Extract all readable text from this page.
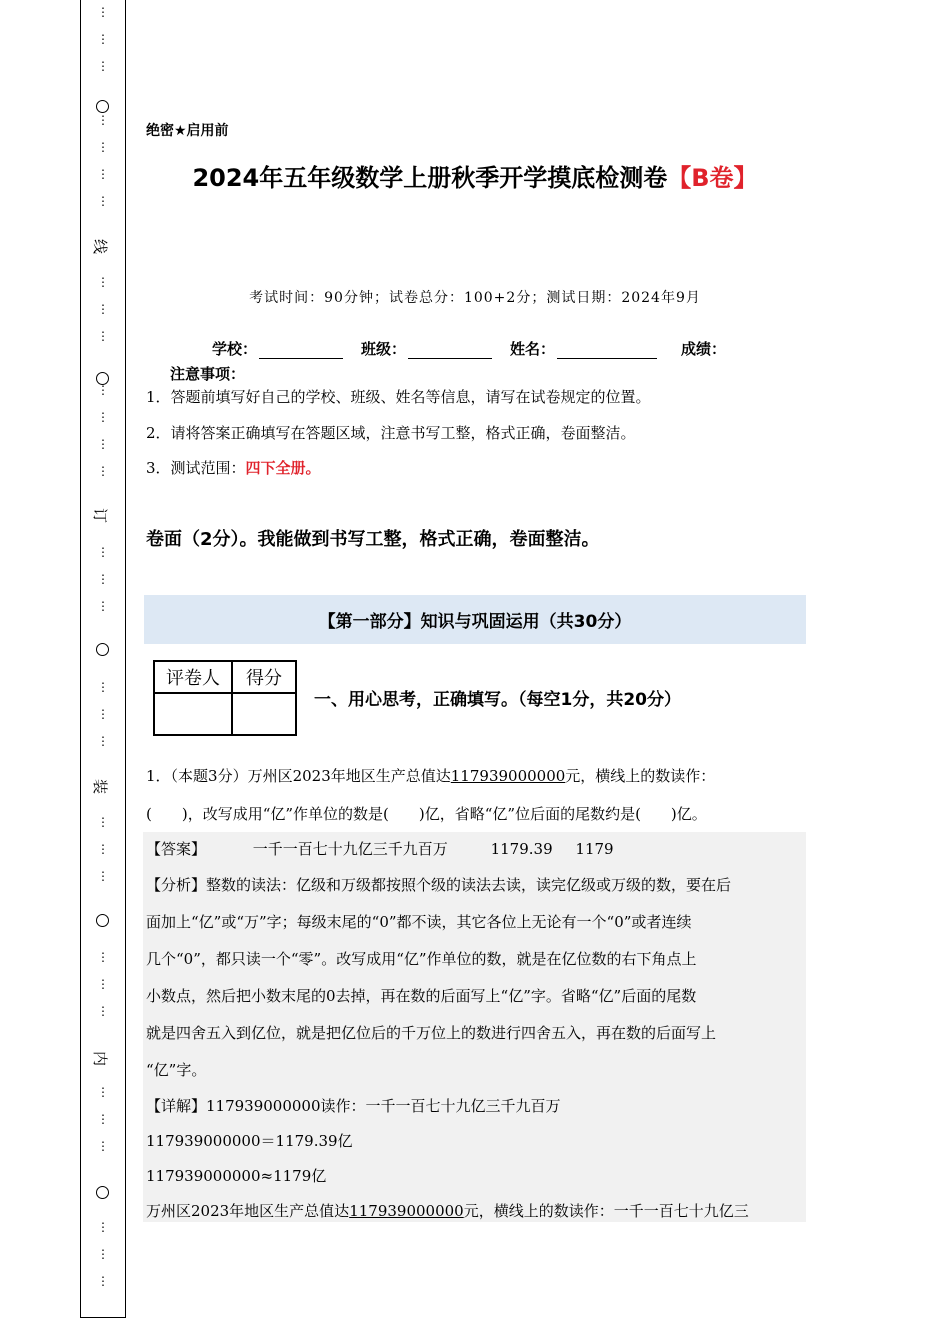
线
订
装
内
⋮
⋮
⋮
⋮
⋮
⋮
⋮
⋮
⋮
⋮
⋮
⋮
⋮
⋮
⋮
⋮
⋮
⋮
⋮
⋮
⋮
⋮
⋮
⋮
⋮
⋮
⋮
⋮
⋮
⋮
⋮
⋮
绝密★启用前
2024年五年级数学上册秋季开学摸底检测卷【B卷】
考试时间：90分钟；试卷总分：100+2分；测试日期：2024年9月
学校：	班级：	姓名：	成绩：
注意事项：
1．答题前填写好自己的学校、班级、姓名等信息，请写在试卷规定的位置。
2．请将答案正确填写在答题区域，注意书写工整，格式正确，卷面整洁。
3．测试范围：四下全册。
卷面（2分）。我能做到书写工整，格式正确，卷面整洁。
【第一部分】知识与巩固运用（共30分）
评卷人	得分

一、用心思考，正确填写。（每空1分，共20分）
1．（本题3分）万州区2023年地区生产总值达117939000000元，横线上的数读作：
(　　)，改写成用“亿”作单位的数是(　　)亿，省略“亿”位后面的尾数约是(　　)亿。
【答案】	一千一百七十九亿三千九百万	1179.39 1179
【分析】整数的读法：亿级和万级都按照个级的读法去读，读完亿级或万级的数，要在后
面加上“亿”或“万”字；每级末尾的“0”都不读，其它各位上无论有一个“0”或者连续
几个“0”，都只读一个“零”。改写成用“亿”作单位的数，就是在亿位数的右下角点上
小数点，然后把小数末尾的0去掉，再在数的后面写上“亿”字。省略“亿”后面的尾数
就是四舍五入到亿位，就是把亿位后的千万位上的数进行四舍五入，再在数的后面写上
“亿”字。
【详解】117939000000读作：一千一百七十九亿三千九百万
117939000000＝1179.39亿
117939000000≈1179亿
万州区2023年地区生产总值达117939000000元，横线上的数读作：一千一百七十九亿三
